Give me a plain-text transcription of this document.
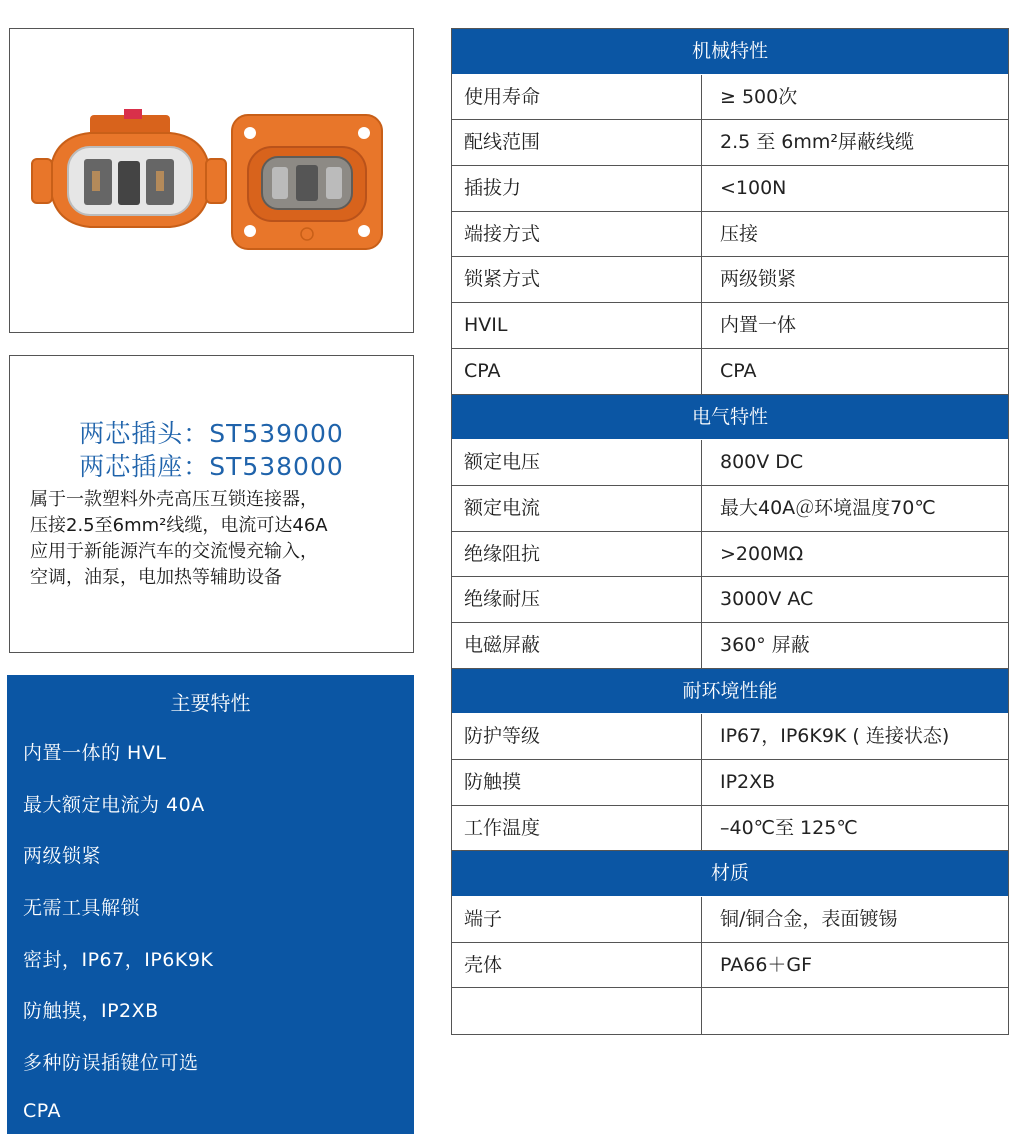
两芯插头：ST539000
两芯插座：ST538000
属于一款塑料外壳高压互锁连接器，
压接2.5至6mm²线缆，电流可达46A
应用于新能源汽车的交流慢充输入，
空调，油泵，电加热等辅助设备
主要特性
内置一体的 HVL
最大额定电流为 40A
两级锁紧
无需工具解锁
密封，IP67，IP6K9K
防触摸，IP2XB
多种防误插键位可选
CPA
机械特性
使用寿命	≥ 500次
配线范围	2.5 至 6mm²屏蔽线缆
插拔力	<100N
端接方式	压接
锁紧方式	两级锁紧
HVIL	内置一体
CPA	CPA
电气特性
额定电压	800V DC
额定电流	最大40A＠环境温度70℃
绝缘阻抗	>200MΩ
绝缘耐压	3000V AC
电磁屏蔽	360° 屏蔽
耐环境性能
防护等级	IP67，IP6K9K ( 连接状态)
防触摸	IP2XB
工作温度	–40℃至 125℃
材质
端子	铜/铜合金，表面镀锡
壳体	PA66＋GF
